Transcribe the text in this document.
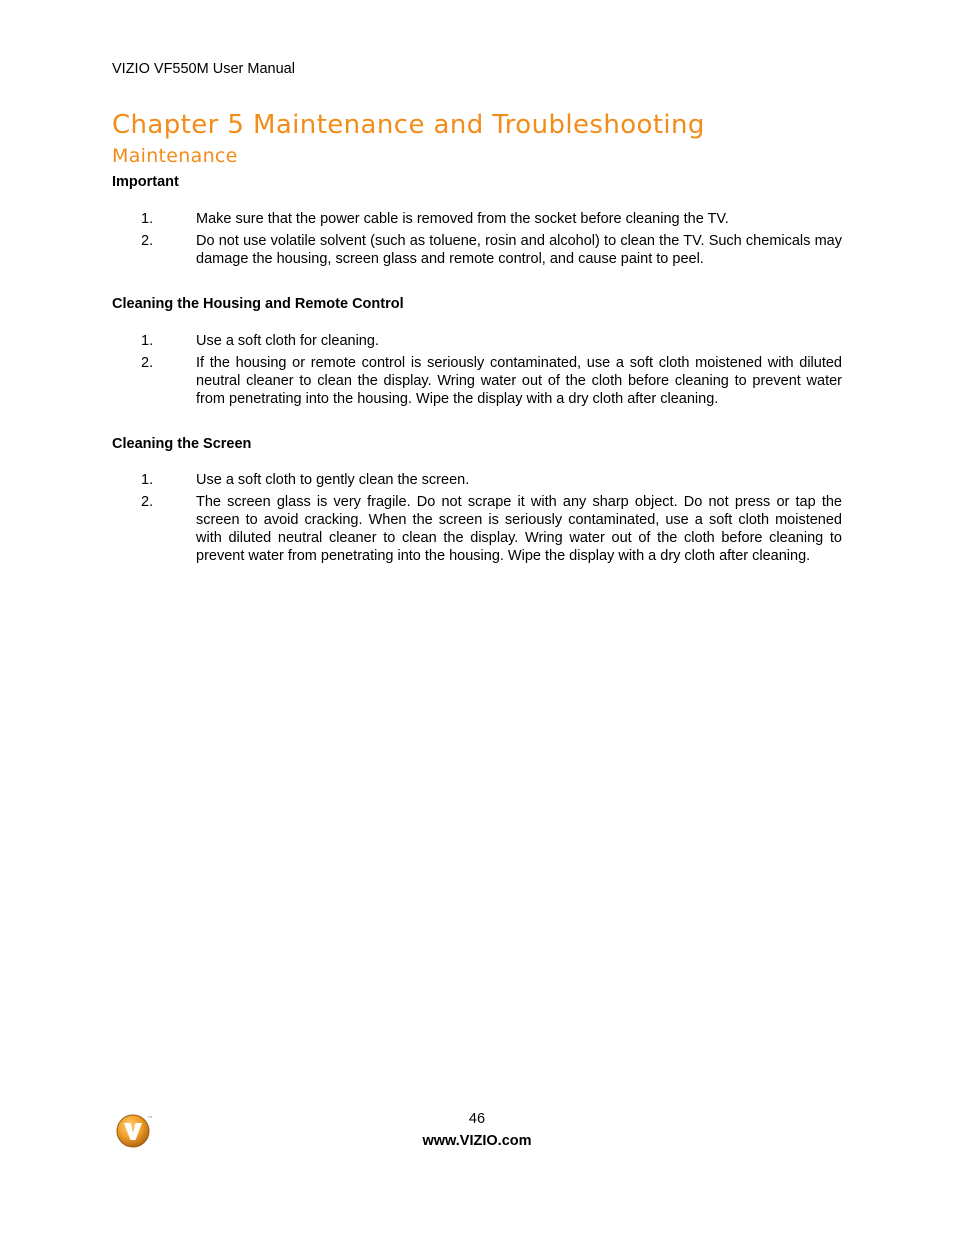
VIZIO VF550M User Manual
Chapter 5 Maintenance and Troubleshooting
Maintenance

Important

1.	Make sure that the power cable is removed from the socket before cleaning the TV.
2.	Do not use volatile solvent (such as toluene, rosin and alcohol) to clean the TV. Such chemicals may damage the housing, screen glass and remote control, and cause paint to peel.

Cleaning the Housing and Remote Control

1.	Use a soft cloth for cleaning.
2.	If the housing or remote control is seriously contaminated, use a soft cloth moistened with diluted neutral cleaner to clean the display. Wring water out of the cloth before cleaning to prevent water from penetrating into the housing. Wipe the display with a dry cloth after cleaning.

Cleaning the Screen

1.	Use a soft cloth to gently clean the screen.
2.	The screen glass is very fragile. Do not scrape it with any sharp object. Do not press or tap the screen to avoid cracking. When the screen is seriously contaminated, use a soft cloth moistened with diluted neutral cleaner to clean the display. Wring water out of the cloth before cleaning to prevent water from penetrating into the housing. Wipe the display with a dry cloth after cleaning.
TM	46
www.VIZIO.com
